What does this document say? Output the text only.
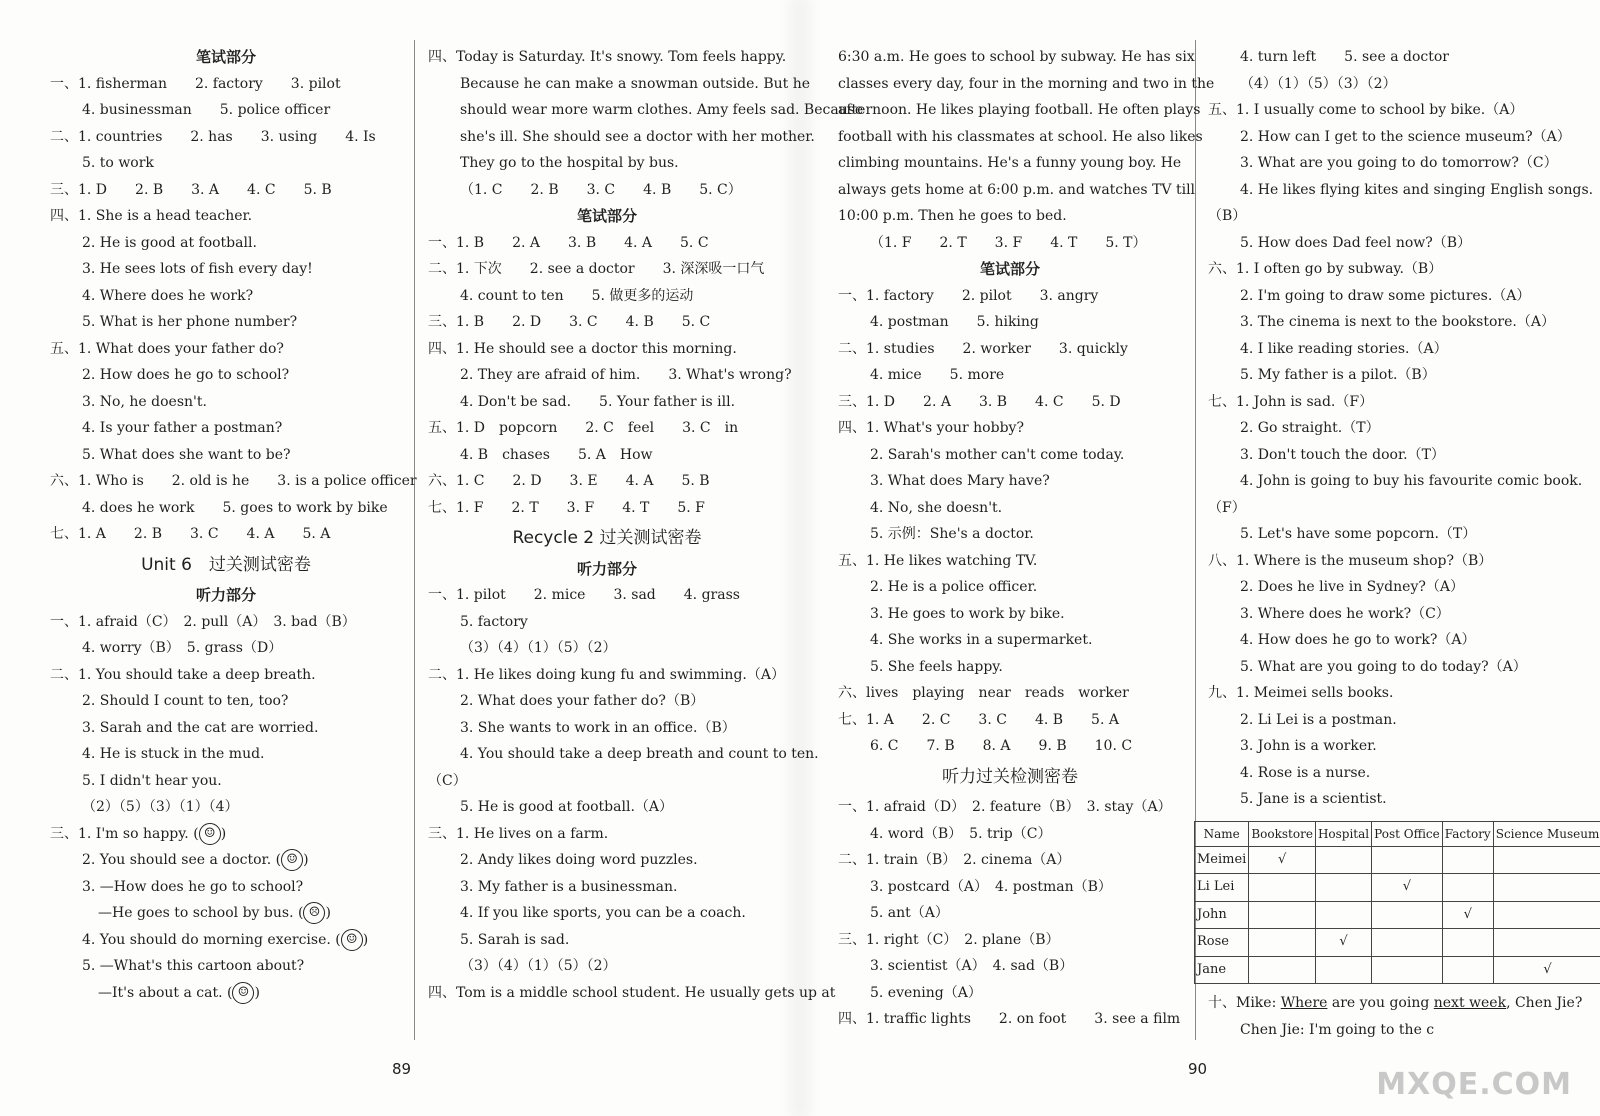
笔试部分
一、1. fisherman　　2. factory　　3. pilot
4. businessman　　5. police officer
二、1. countries　　2. has　　3. using　　4. Is
5. to work
三、1. D　　2. B　　3. A　　4. C　　5. B
四、1. She is a head teacher.
2. He is good at football.
3. He sees lots of fish every day!
4. Where does he work?
5. What is her phone number?
五、1. What does your father do?
2. How does he go to school?
3. No, he doesn't.
4. Is your father a postman?
5. What does she want to be?
六、1. Who is　　2. old is he　　3. is a police officer
4. does he work　　5. goes to work by bike
七、1. A　　2. B　　3. C　　4. A　　5. A
Unit 6　过关测试密卷
听力部分
一、1. afraid（C）　2. pull（A）　3. bad（B）
4. worry（B）　5. grass（D）
二、1. You should take a deep breath.
2. Should I count to ten, too?
3. Sarah and the cat are worried.
4. He is stuck in the mud.
5. I didn't hear you.
（2）（5）（3）（1）（4）
三、1. I'm so happy. ( ☺ )
2. You should see a doctor. ( ☺ )
3. —How does he go to school?
—He goes to school by bus. ( ☹ )
4. You should do morning exercise. ( ☺ )
5. —What's this cartoon about?
—It's about a cat. ( ☺ )
四、Today is Saturday. It's snowy. Tom feels happy.
Because he can make a snowman outside. But he
should wear more warm clothes. Amy feels sad. Because
she's ill. She should see a doctor with her mother.
They go to the hospital by bus.
（1. C　　2. B　　3. C　　4. B　　5. C）
笔试部分
一、1. B　　2. A　　3. B　　4. A　　5. C
二、1. 下次　　2. see a doctor　　3. 深深吸一口气
4. count to ten　　5. 做更多的运动
三、1. B　　2. D　　3. C　　4. B　　5. C
四、1. He should see a doctor this morning.
2. They are afraid of him.　　3. What's wrong?
4. Don't be sad.　　5. Your father is ill.
五、1. D　popcorn　　2. C　feel　　3. C　in
4. B　chases　　5. A　How
六、1. C　　2. D　　3. E　　4. A　　5. B
七、1. F　　2. T　　3. F　　4. T　　5. F
Recycle 2 过关测试密卷
听力部分
一、1. pilot　　2. mice　　3. sad　　4. grass
5. factory
（3）（4）（1）（5）（2）
二、1. He likes doing kung fu and swimming.（A）
2. What does your father do?（B）
3. She wants to work in an office.（B）
4. You should take a deep breath and count to ten.
（C）
5. He is good at football.（A）
三、1. He lives on a farm.
2. Andy likes doing word puzzles.
3. My father is a businessman.
4. If you like sports, you can be a coach.
5. Sarah is sad.
（3）（4）（1）（5）（2）
四、Tom is a middle school student. He usually gets up at
6:30 a.m. He goes to school by subway. He has six
classes every day, four in the morning and two in the
afternoon. He likes playing football. He often plays
football with his classmates at school. He also likes
climbing mountains. He's a funny young boy. He
always gets home at 6:00 p.m. and watches TV till
10:00 p.m. Then he goes to bed.
（1. F　　2. T　　3. F　　4. T　　5. T）
笔试部分
一、1. factory　　2. pilot　　3. angry
4. postman　　5. hiking
二、1. studies　　2. worker　　3. quickly
4. mice　　5. more
三、1. D　　2. A　　3. B　　4. C　　5. D
四、1. What's your hobby?
2. Sarah's mother can't come today.
3. What does Mary have?
4. No, she doesn't.
5. 示例：She's a doctor.
五、1. He likes watching TV.
2. He is a police officer.
3. He goes to work by bike.
4. She works in a supermarket.
5. She feels happy.
六、lives　playing　near　reads　worker
七、1. A　　2. C　　3. C　　4. B　　5. A
6. C　　7. B　　8. A　　9. B　　10. C
听力过关检测密卷
一、1. afraid（D）　2. feature（B）　3. stay（A）
4. word（B）　5. trip（C）
二、1. train（B）　2. cinema（A）
3. postcard（A）　4. postman（B）
5. ant（A）
三、1. right（C）　2. plane（B）
3. scientist（A）　4. sad（B）
5. evening（A）
四、1. traffic lights　　2. on foot　　3. see a film
4. turn left　　5. see a doctor
（4）（1）（5）（3）（2）
五、1. I usually come to school by bike.（A）
2. How can I get to the science museum?（A）
3. What are you going to do tomorrow?（C）
4. He likes flying kites and singing English songs.
（B）
5. How does Dad feel now?（B）
六、1. I often go by subway.（B）
2. I'm going to draw some pictures.（A）
3. The cinema is next to the bookstore.（A）
4. I like reading stories.（A）
5. My father is a pilot.（B）
七、1. John is sad.（F）
2. Go straight.（T）
3. Don't touch the door.（T）
4. John is going to buy his favourite comic book.
（F）
5. Let's have some popcorn.（T）
八、1. Where is the museum shop?（B）
2. Does he live in Sydney?（A）
3. Where does he work?（C）
4. How does he go to work?（A）
5. What are you going to do today?（A）
九、1. Meimei sells books.
2. Li Lei is a postman.
3. John is a worker.
4. Rose is a nurse.
5. Jane is a scientist.
Name	Bookstore	Hospital	Post Office	Factory	Science Museum
Meimei	√				
Li Lei			√		
John				√	
Rose		√			
Jane					√
十、Mike: Where are you going next week, Chen Jie?
Chen Jie: I'm going to the c
89	90	MXQE.COM
